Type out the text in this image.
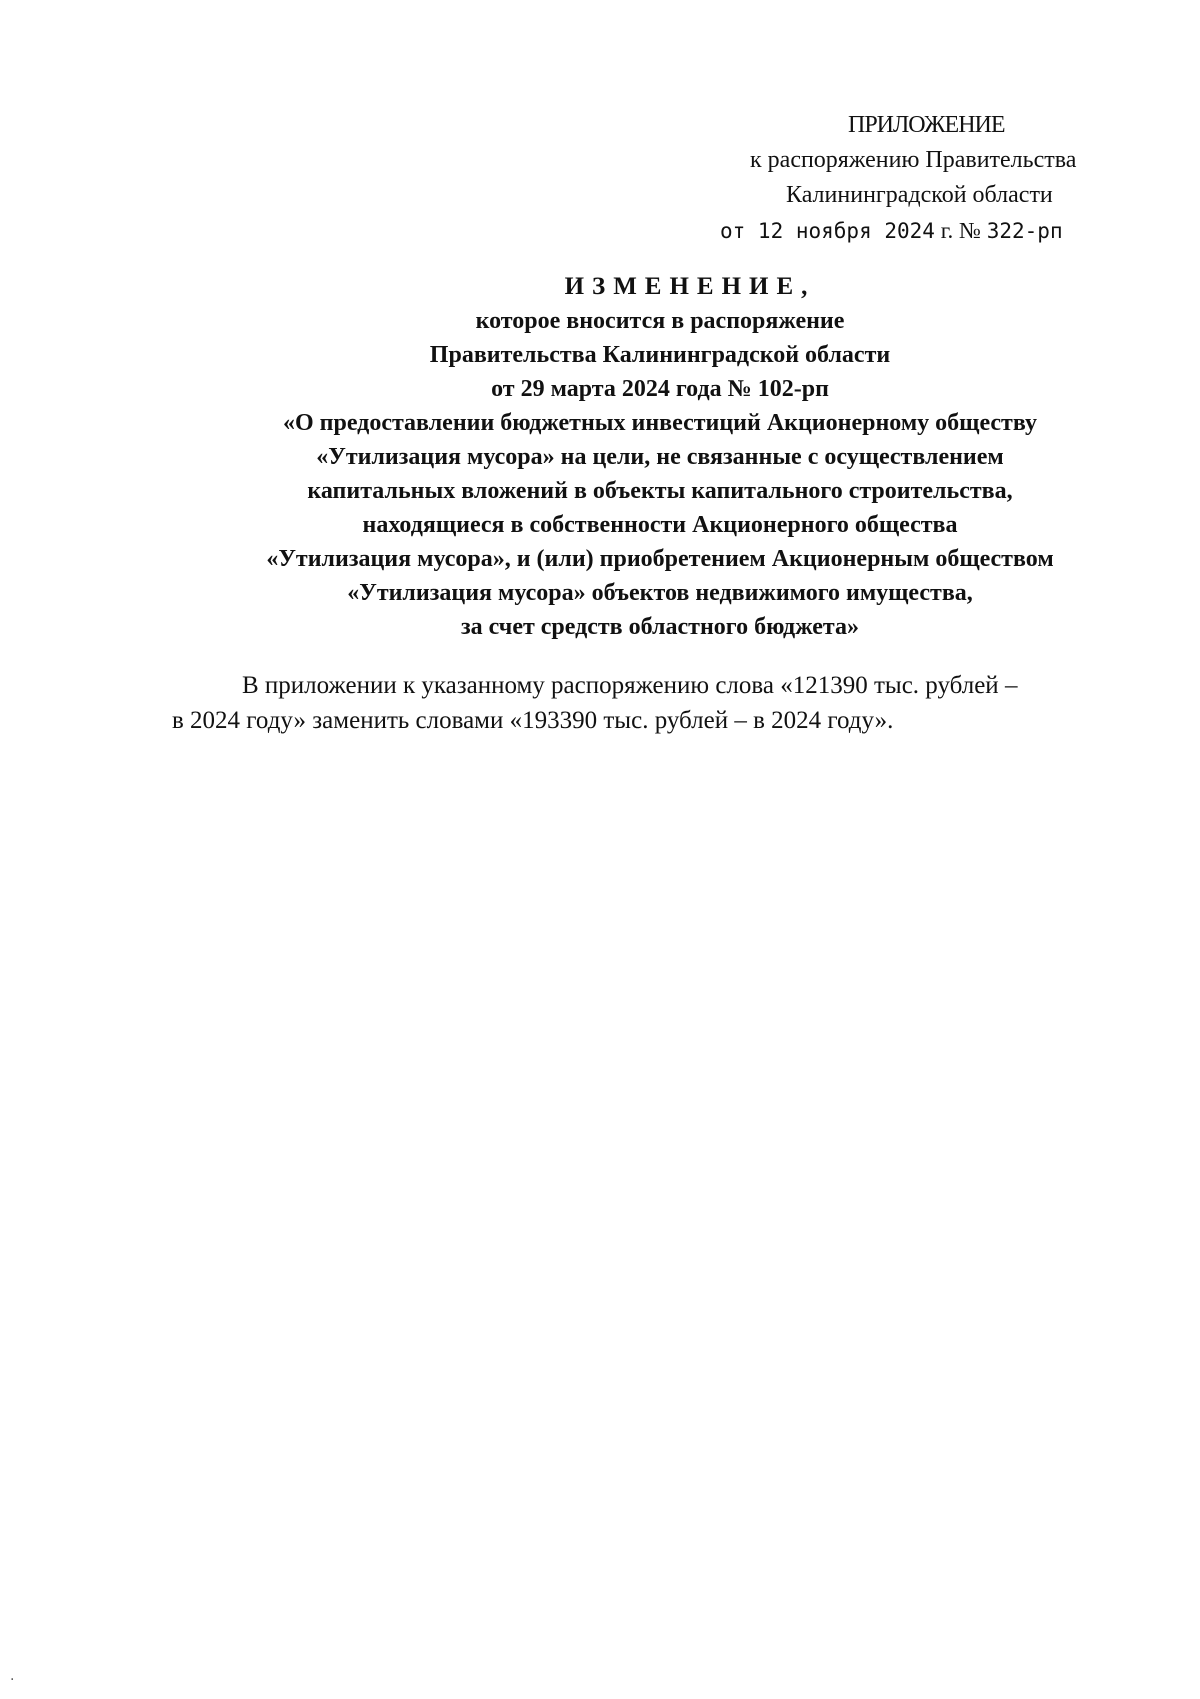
ПРИЛОЖЕНИЕ
к распоряжению Правительства
Калининградской области
от 12 ноября 2024 г. № 322-рп
ИЗМЕНЕНИЕ,
которое вносится в распоряжение
Правительства Калининградской области
от 29 марта 2024 года № 102-рп
«О предоставлении бюджетных инвестиций Акционерному обществу
«Утилизация мусора» на цели, не связанные с осуществлением
капитальных вложений в объекты капитального строительства,
находящиеся в собственности Акционерного общества
«Утилизация мусора», и (или) приобретением Акционерным обществом
«Утилизация мусора» объектов недвижимого имущества,
за счет средств областного бюджета»
В приложении к указанному распоряжению слова «121390 тыс. рублей –
в 2024 году» заменить словами «193390 тыс. рублей – в 2024 году».
.
